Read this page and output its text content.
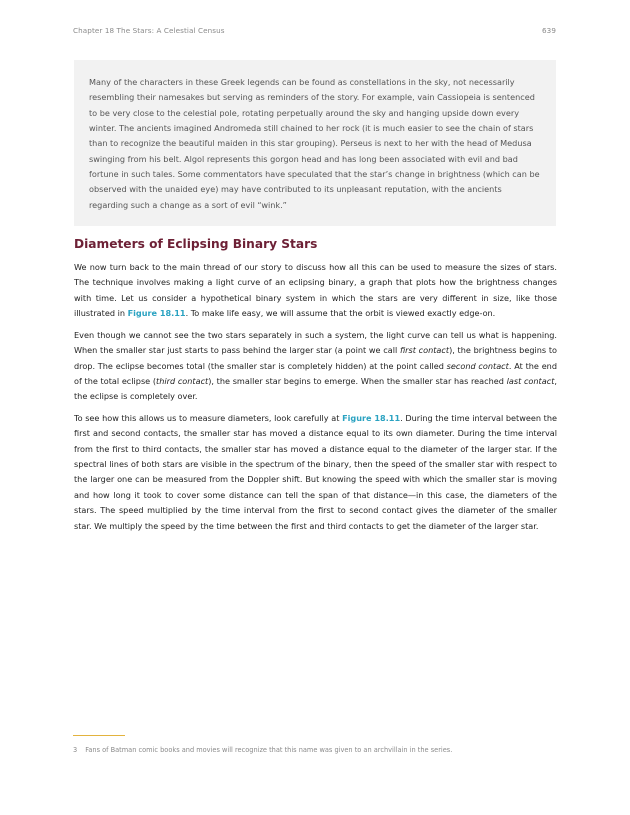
Chapter 18 The Stars: A Celestial Census	639
Many of the characters in these Greek legends can be found as constellations in the sky, not necessarily resembling their namesakes but serving as reminders of the story. For example, vain Cassiopeia is sentenced to be very close to the celestial pole, rotating perpetually around the sky and hanging upside down every winter. The ancients imagined Andromeda still chained to her rock (it is much easier to see the chain of stars than to recognize the beautiful maiden in this star grouping). Perseus is next to her with the head of Medusa swinging from his belt. Algol represents this gorgon head and has long been associated with evil and bad fortune in such tales. Some commentators have speculated that the star’s change in brightness (which can be observed with the unaided eye) may have contributed to its unpleasant reputation, with the ancients regarding such a change as a sort of evil “wink.”
Diameters of Eclipsing Binary Stars

We now turn back to the main thread of our story to discuss how all this can be used to measure the sizes of stars. The technique involves making a light curve of an eclipsing binary, a graph that plots how the brightness changes with time. Let us consider a hypothetical binary system in which the stars are very different in size, like those illustrated in Figure 18.11. To make life easy, we will assume that the orbit is viewed exactly edge-on.

Even though we cannot see the two stars separately in such a system, the light curve can tell us what is happening. When the smaller star just starts to pass behind the larger star (a point we call first contact), the brightness begins to drop. The eclipse becomes total (the smaller star is completely hidden) at the point called second contact. At the end of the total eclipse (third contact), the smaller star begins to emerge. When the smaller star has reached last contact, the eclipse is completely over.

To see how this allows us to measure diameters, look carefully at Figure 18.11. During the time interval between the first and second contacts, the smaller star has moved a distance equal to its own diameter. During the time interval from the first to third contacts, the smaller star has moved a distance equal to the diameter of the larger star. If the spectral lines of both stars are visible in the spectrum of the binary, then the speed of the smaller star with respect to the larger one can be measured from the Doppler shift. But knowing the speed with which the smaller star is moving and how long it took to cover some distance can tell the span of that distance—in this case, the diameters of the stars. The speed multiplied by the time interval from the first to second contact gives the diameter of the smaller star. We multiply the speed by the time between the first and third contacts to get the diameter of the larger star.

3 Fans of Batman comic books and movies will recognize that this name was given to an archvillain in the series.
